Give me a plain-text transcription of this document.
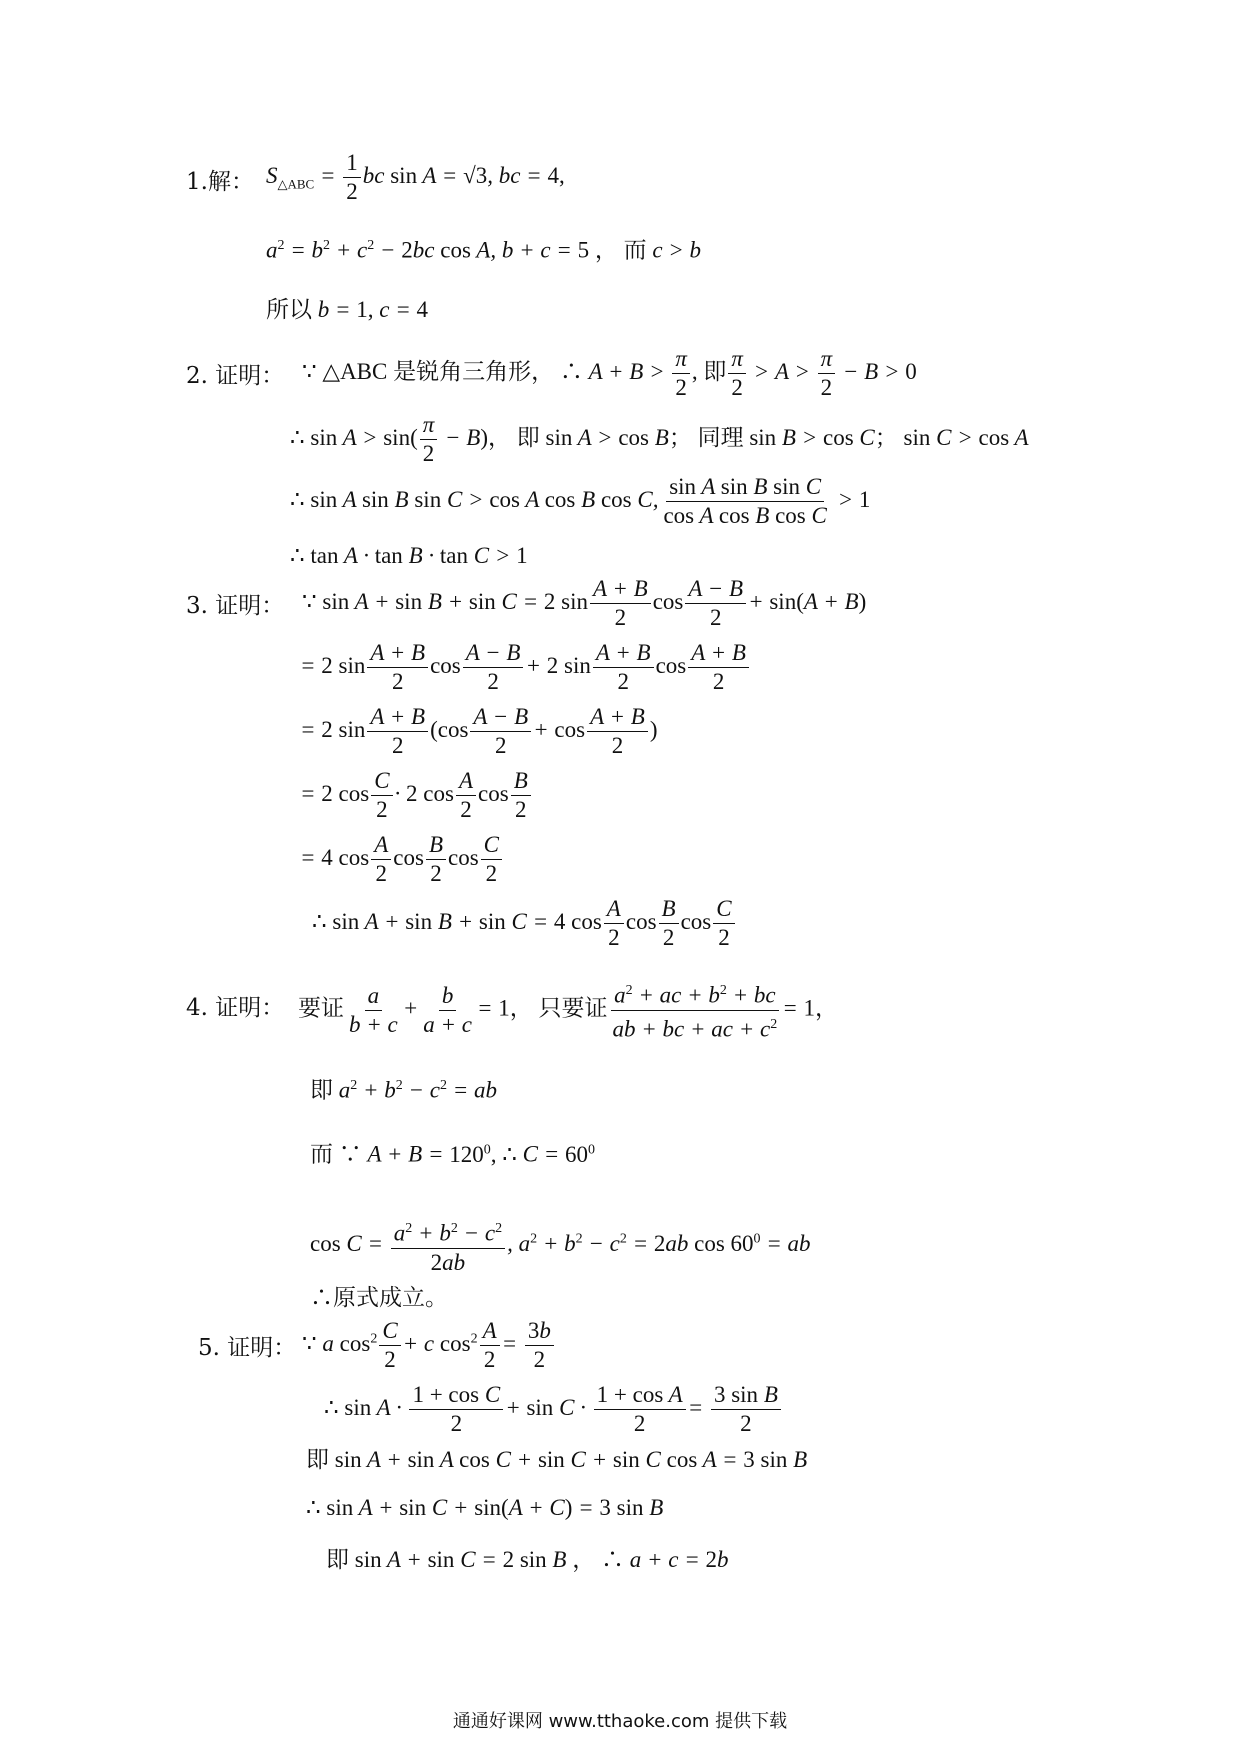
1.解： $S_{\triangle ABC} = \frac{1}{2}$ bc sin A = √3, bc = 4,
$a^2 = b^2 + c^2 - 2bc$ cos A, b + c = 5 ， 而 c > b
所以 b = 1, c = 4
2. 证明： ∵ △ABC 是锐角三角形， ∴ $A + B > \frac{\pi}{2}$ , 即 $\frac{\pi}{2} > A > \frac{\pi}{2} - B > 0$
∴ $\sin A > \sin( \frac{\pi}{2} - B)$， 即 sin A > cos B； 同理 sin B > cos C； sin C > cos A
∴ sin A sin B sin C > cos A cos B cos C, $\frac{\text{sin A sin B sin C}}{\text{cos A cos B cos C}} > 1$
∴ tan A · tan B · tan C > 1
3. 证明： ∵ sin A + sin B + sin C = 2 $\sin \frac{A + B}{2}$ $\cos \frac{A - B}{2} + \sin(A + B)$
= 2 $\sin \frac{A + B}{2}$ $\cos \frac{A - B}{2} + 2$ $\sin \frac{A + B}{2}$ $\cos \frac{A + B}{2}$
= 2 $\sin \frac{A + B}{2} (\cos \frac{A - B}{2} + \cos \frac{A + B}{2}$ )
= 2 $\cos \frac{C}{2} \cdot 2$ $\cos \frac{A}{2}$ $\cos \frac{B}{2}$
= 4 $\cos \frac{A}{2}$ $\cos \frac{B}{2}$ $\cos \frac{C}{2}$
∴ sin A + sin B + sin C = 4 $\cos \frac{A}{2}$ $\cos \frac{B}{2}$ $\cos \frac{C}{2}$
4. 证明： 要证 $\frac{a}{b + c} + \frac{b}{a + c} = 1$， 只要证 $\frac{a^2 + ac + b^2 + bc}{ab + bc + ac + c^2} = 1$，
即 $a^2 + b^2 - c^2$ = ab
而 ∵ $A + B = 120^0$, ∴ $C = 60^0$
$\cos C = \frac{a^2 + b^2 - c^2}{2ab}$ , $a^2 + b^2 - c^2 = 2ab$ $\cos 60^0$ = ab
∴原式成立。
5. 证明： ∵ a $\cos^2 \frac{C}{2} + c$ $\cos^2 \frac{A}{2} = \frac{3b}{2}$
∴ $\sin A \cdot \frac{\text{1 + cos C}}{2} + \sin C \cdot \frac{\text{1 + cos A}}{2} = \frac{\text{3 sin B}}{2}$
即 sin A + sin A cos C + sin C + sin C cos A = 3 sin B
∴ sin A + sin C + sin(A + C) = 3 sin B
即 sin A + sin C = 2 sin B ， ∴ a + c = 2b
通通好课网 www.tthaoke.com 提供下载
